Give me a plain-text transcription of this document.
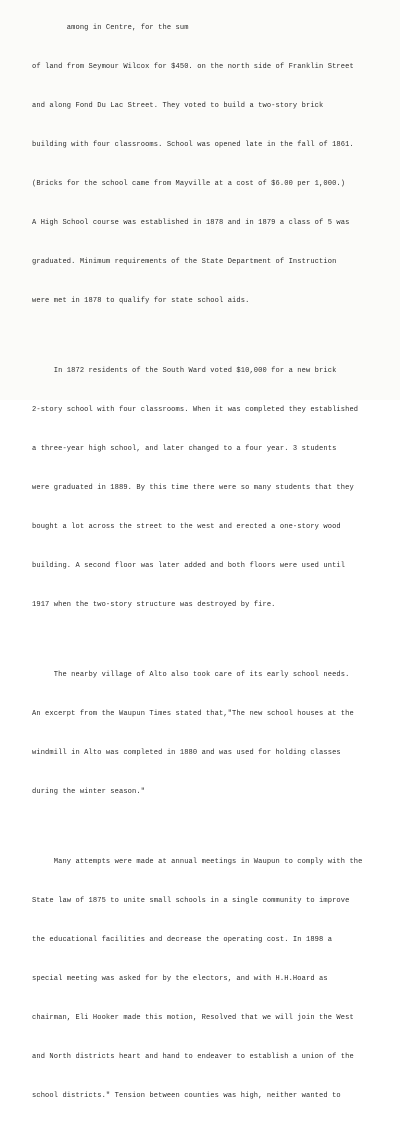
among in Centre, for the sum

of land from Seymour Wilcox for $450. on the north side of Franklin Street

and along Fond Du Lac Street. They voted to build a two-story brick

building with four classrooms. School was opened late in the fall of 1861.

(Bricks for the school came from Mayville at a cost of $6.00 per 1,000.)

A High School course was established in 1878 and in 1879 a class of 5 was

graduated. Minimum requirements of the State Department of Instruction

were met in 1878 to qualify for state school aids.

In 1872 residents of the South Ward voted $10,000 for a new brick

2-story school with four classrooms. When it was completed they established

a three-year high school, and later changed to a four year. 3 students

were graduated in 1889. By this time there were so many students that they

bought a lot across the street to the west and erected a one-story wood

building. A second floor was later added and both floors were used until

1917 when the two-story structure was destroyed by fire.

The nearby village of Alto also took care of its early school needs.

An excerpt from the Waupun Times stated that,"The new school houses at the

windmill in Alto was completed in 1880 and was used for holding classes

during the winter season."

Many attempts were made at annual meetings in Waupun to comply with the

State law of 1875 to unite small schools in a single community to improve

the educational facilities and decrease the operating cost. In 1898 a

special meeting was asked for by the electors, and with H.H.Hoard as

chairman, Eli Hooker made this motion, Resolved that we will join the West

and North districts heart and hand to endeaver to establish a union of the

school districts." Tension between counties was high, neither wanted to
